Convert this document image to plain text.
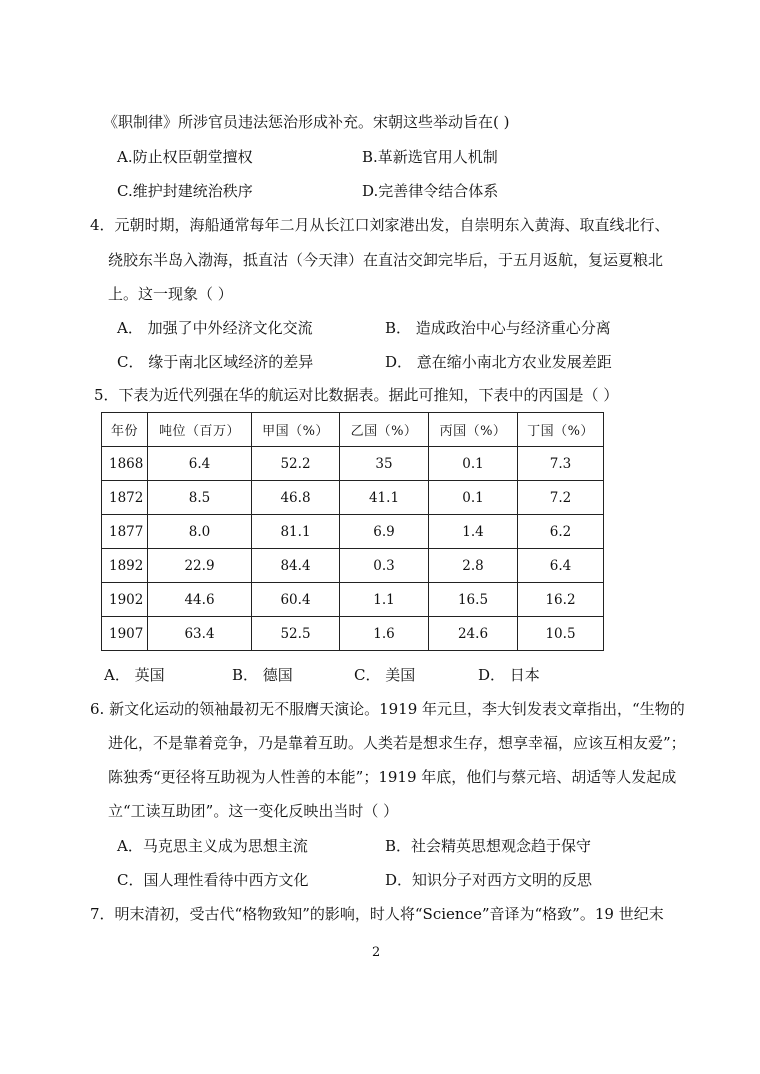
《职制律》所涉官员违法惩治形成补充。宋朝这些举动旨在( )
A.防止权臣朝堂擅权	B.革新选官用人机制
C.维护封建统治秩序	D.完善律令结合体系
4．元朝时期，海船通常每年二月从长江口刘家港出发，自崇明东入黄海、取直线北行、
绕胶东半岛入渤海，抵直沽（今天津）在直沽交卸完毕后，于五月返航，复运夏粮北
上。这一现象（ ）
A． 加强了中外经济文化交流	B． 造成政治中心与经济重心分离
C． 缘于南北区域经济的差异	D． 意在缩小南北方农业发展差距
5．下表为近代列强在华的航运对比数据表。据此可推知，下表中的丙国是（ ）
年份	吨位（百万）	甲国（%）	乙国（%）	丙国（%）	丁国（%）
1868	6.4	52.2	35	0.1	7.3
1872	8.5	46.8	41.1	0.1	7.2
1877	8.0	81.1	6.9	1.4	6.2
1892	22.9	84.4	0.3	2.8	6.4
1902	44.6	60.4	1.1	16.5	16.2
1907	63.4	52.5	1.6	24.6	10.5
A． 英国	B． 德国	C． 美国	D． 日本
6. 新文化运动的领袖最初无不服膺天演论。1919 年元旦，李大钊发表文章指出，“生物的
进化，不是靠着竞争，乃是靠着互助。人类若是想求生存，想享幸福，应该互相友爱”；
陈独秀“更径将互助视为人性善的本能”；1919 年底，他们与蔡元培、胡适等人发起成
立“工读互助团”。这一变化反映出当时（ ）
A．马克思主义成为思想主流	B．社会精英思想观念趋于保守
C．国人理性看待中西方文化	D．知识分子对西方文明的反思
7．明末清初，受古代“格物致知”的影响，时人将“Science”音译为“格致”。19 世纪末
2
